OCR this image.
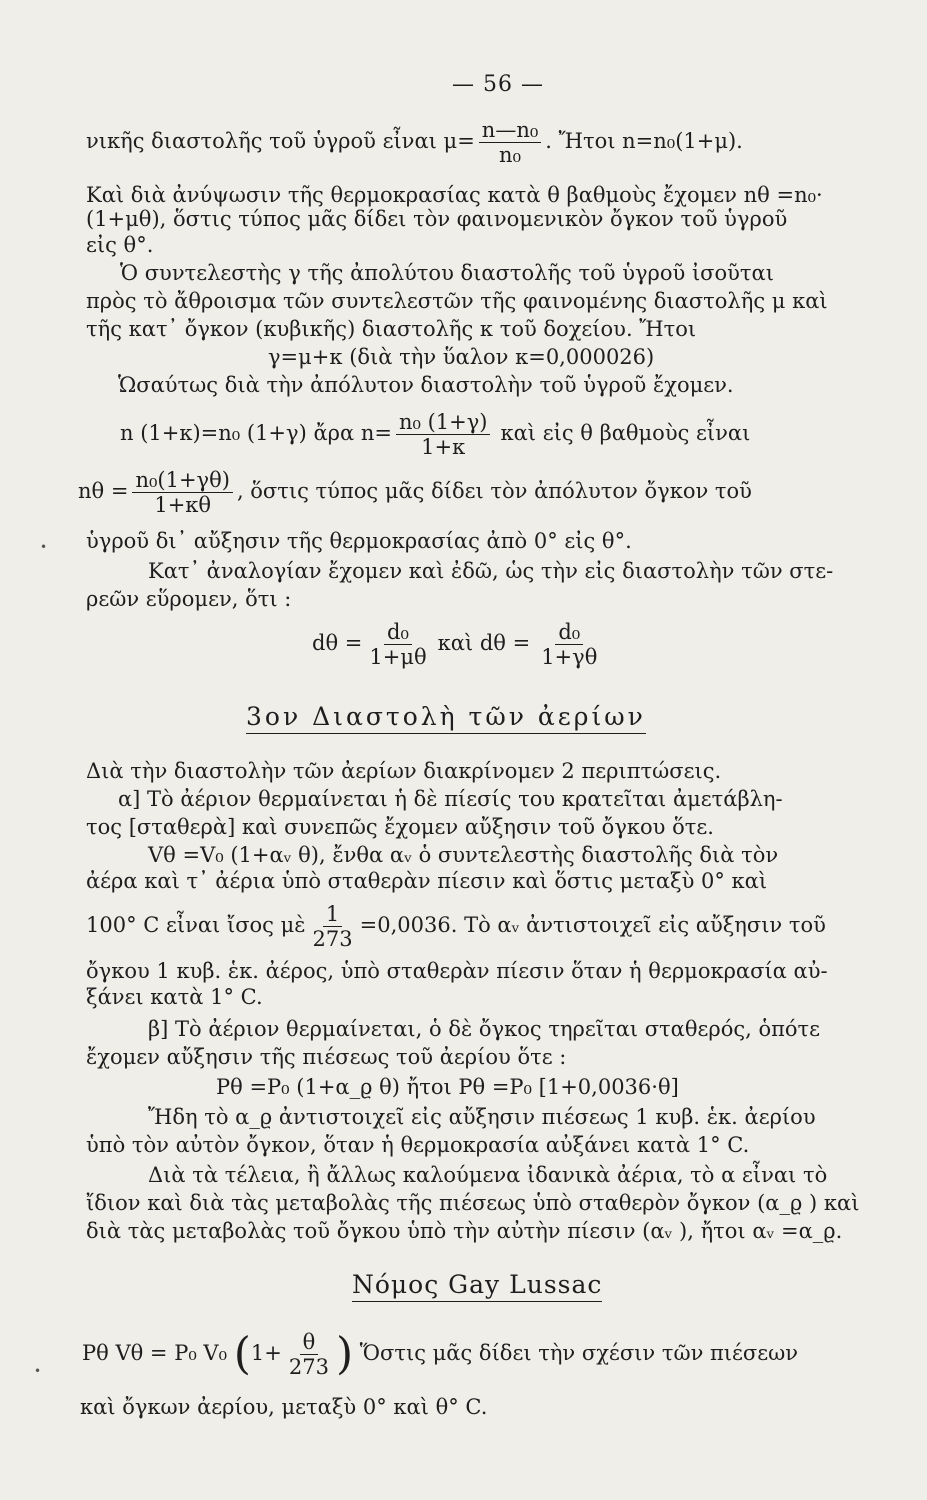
— 56 —
νικῆς διαστολῆς τοῦ ὑγροῦ εἶναι $\mu= \frac{\text{n—n₀}}{\text{n₀}}$ . Ἤτοι n=n₀(1+μ).
Καὶ διὰ ἀνύψωσιν τῆς θερμοκρασίας κατὰ θ βαθμοὺς ἔχομεν nθ =n₀·
(1+μθ), ὅστις τύπος μᾶς δίδει τὸν φαινομενικὸν ὄγκον τοῦ ὑγροῦ
εἰς θ°.
Ὁ συντελεστὴς γ τῆς ἀπολύτου διαστολῆς τοῦ ὑγροῦ ἰσοῦται
πρὸς τὸ ἄθροισμα τῶν συντελεστῶν τῆς φαινομένης διαστολῆς μ καὶ
τῆς κατ᾿ ὄγκον (κυβικῆς) διαστολῆς κ τοῦ δοχείου. Ἤτοι
γ=μ+κ (διὰ τὴν ὕαλον κ=0,000026)
Ὡσαύτως διὰ τὴν ἀπόλυτον διαστολὴν τοῦ ὑγροῦ ἔχομεν.
n (1+κ)=n₀ (1+γ) ἄρα $n= \frac{\text{n₀ (1+γ)}}{1+\kappa}$ καὶ εἰς θ βαθμοὺς εἶναι
$n\theta = \frac{\text{n₀(1+γθ)}}{1+\kappa\theta}$ , ὅστις τύπος μᾶς δίδει τὸν ἀπόλυτον ὄγκον τοῦ
ὑγροῦ δι᾿ αὔξησιν τῆς θερμοκρασίας ἀπὸ 0° εἰς θ°.
Κατ᾿ ἀναλογίαν ἔχομεν καὶ ἐδῶ, ὡς τὴν εἰς διαστολὴν τῶν στε-
ρεῶν εὕρομεν, ὅτι :
$d\theta = \frac{\text{d₀}}{1+\mu\theta}$ καὶ $d\theta = \frac{\text{d₀}}{1+\gamma\theta}$
3ον Διαστολὴ τῶν ἀερίων
Διὰ τὴν διαστολὴν τῶν ἀερίων διακρίνομεν 2 περιπτώσεις.
α] Τὸ ἀέριον θερμαίνεται ἡ δὲ πίεσίς του κρατεῖται ἀμετάβλη-
τος [σταθερὰ] καὶ συνεπῶς ἔχομεν αὔξησιν τοῦ ὄγκου ὅτε.
Vθ =V₀ (1+αᵥ θ), ἔνθα αᵥ ὁ συντελεστὴς διαστολῆς διὰ τὸν
ἀέρα καὶ τ᾿ ἀέρια ὑπὸ σταθερὰν πίεσιν καὶ ὅστις μεταξὺ 0° καὶ
100° C εἶναι ἴσος μὲ $\frac{1}{273} =0,0036$. Τὸ αᵥ ἀντιστοιχεῖ εἰς αὔξησιν τοῦ
ὄγκου 1 κυβ. ἑκ. ἀέρος, ὑπὸ σταθερὰν πίεσιν ὅταν ἡ θερμοκρασία αὐ-
ξάνει κατὰ 1° C.
β] Τὸ ἀέριον θερμαίνεται, ὁ δὲ ὄγκος τηρεῖται σταθερός, ὁπότε
ἔχομεν αὔξησιν τῆς πιέσεως τοῦ ἀερίου ὅτε :
Pθ =P₀ (1+α_ϱ θ) ἤτοι Pθ =P₀ [1+0,0036·θ]
Ἤδη τὸ α_ϱ ἀντιστοιχεῖ εἰς αὔξησιν πιέσεως 1 κυβ. ἑκ. ἀερίου
ὑπὸ τὸν αὐτὸν ὄγκον, ὅταν ἡ θερμοκρασία αὐξάνει κατὰ 1° C.
Διὰ τὰ τέλεια, ἢ ἄλλως καλούμενα ἰδανικὰ ἀέρια, τὸ α εἶναι τὸ
ἴδιον καὶ διὰ τὰς μεταβολὰς τῆς πιέσεως ὑπὸ σταθερὸν ὄγκον (α_ϱ ) καὶ
διὰ τὰς μεταβολὰς τοῦ ὄγκου ὑπὸ τὴν αὐτὴν πίεσιν (αᵥ ), ἤτοι αᵥ =α_ϱ.
Νόμος Gay Lussac
Pθ Vθ = P₀ V₀ ($1+ \frac{\theta}{273}$ ) Ὅστις μᾶς δίδει τὴν σχέσιν τῶν πιέσεων
καὶ ὄγκων ἀερίου, μεταξὺ 0° καὶ θ° C.
•
•
